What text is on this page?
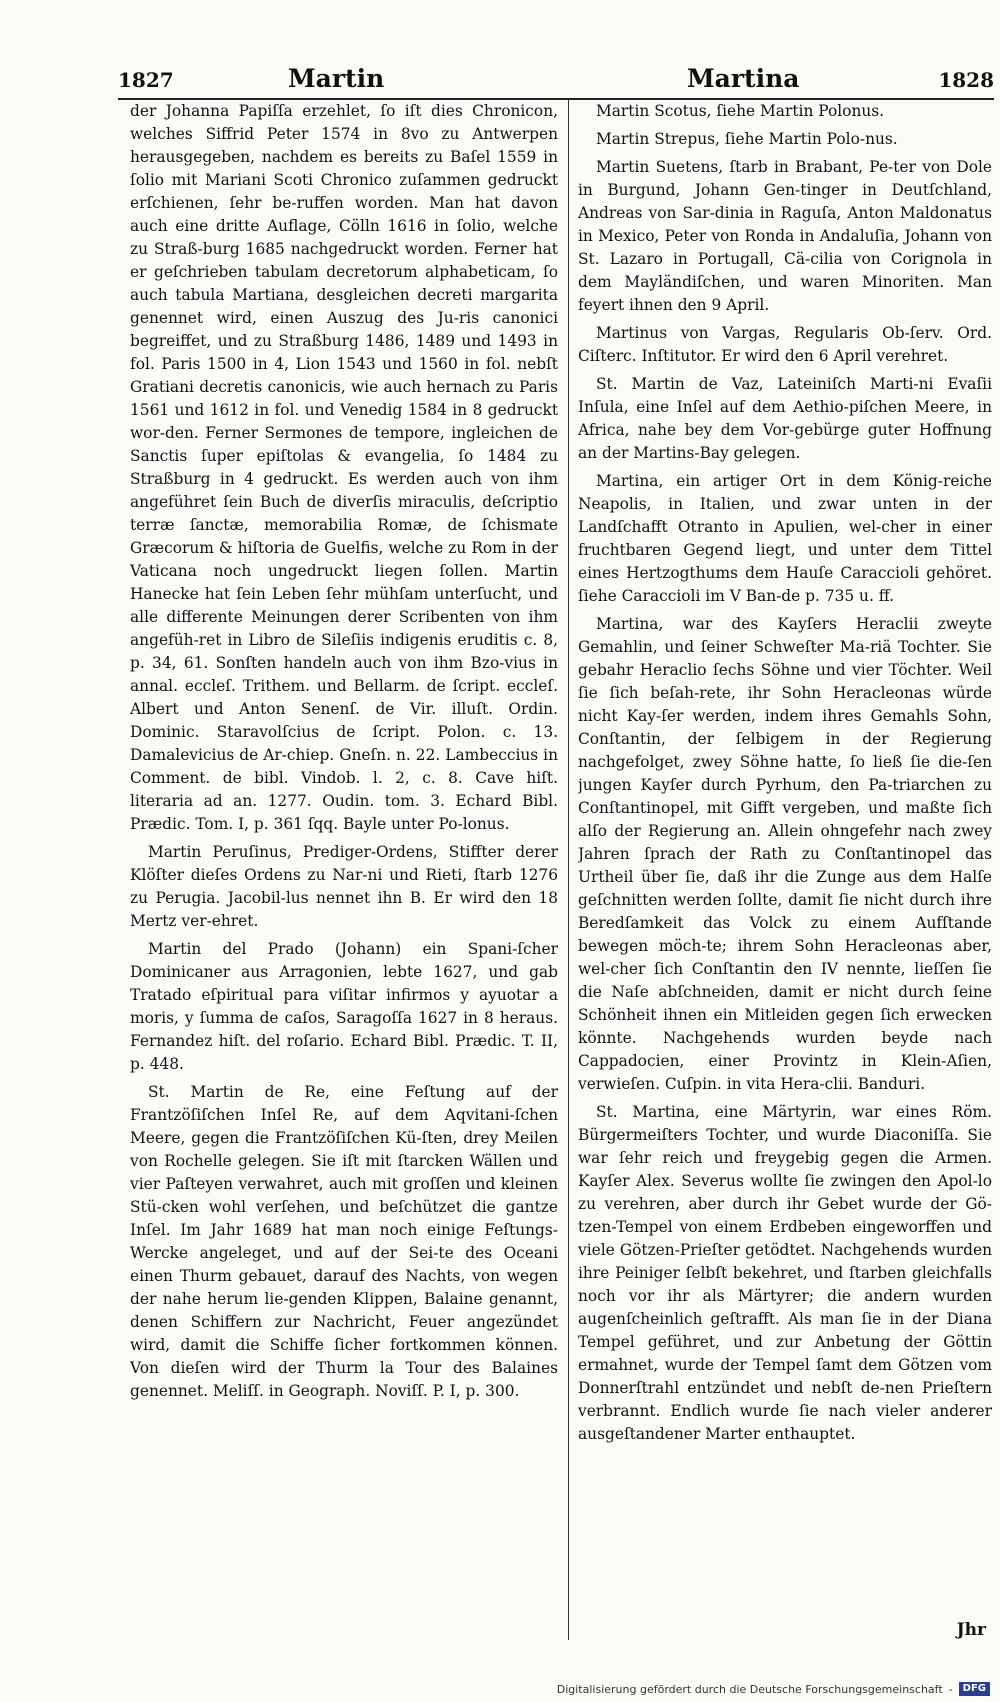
1827	Martin	Martina	1828

der Johanna Papiſſa erzehlet, ſo iſt dies Chronicon, welches Siffrid Peter 1574 in 8vo zu Antwerpen herausgegeben, nachdem es bereits zu Baſel 1559 in ſolio mit Mariani Scoti Chronico zuſammen gedruckt erſchienen, ſehr be-ruffen worden. Man hat davon auch eine dritte Auflage, Cölln 1616 in ſolio, welche zu Straß-burg 1685 nachgedruckt worden. Ferner hat er geſchrieben tabulam decretorum alphabeticam, ſo auch tabula Martiana, desgleichen decreti margarita genennet wird, einen Auszug des Ju-ris canonici begreiffet, und zu Straßburg 1486, 1489 und 1493 in fol. Paris 1500 in 4, Lion 1543 und 1560 in fol. nebſt Gratiani decretis canonicis, wie auch hernach zu Paris 1561 und 1612 in fol. und Venedig 1584 in 8 gedruckt wor-den. Ferner Sermones de tempore, ingleichen de Sanctis ſuper epiſtolas & evangelia, ſo 1484 zu Straßburg in 4 gedruckt. Es werden auch von ihm angeführet ſein Buch de diverſis miraculis, deſcriptio terræ ſanctæ, memorabilia Romæ, de ſchismate Græcorum & hiſtoria de Guelfis, welche zu Rom in der Vaticana noch ungedruckt liegen ſollen. Martin Hanecke hat ſein Leben ſehr mühſam unterſucht, und alle differente Meinungen derer Scribenten von ihm angefüh-ret in Libro de Sileſiis indigenis eruditis c. 8, p. 34, 61. Sonſten handeln auch von ihm Bzo-vius in annal. eccleſ. Trithem. und Bellarm. de ſcript. eccleſ. Albert und Anton Senenſ. de Vir. illuſt. Ordin. Dominic. Staravolſcius de ſcript. Polon. c. 13. Damalevicius de Ar-chiep. Gneſn. n. 22. Lambeccius in Comment. de bibl. Vindob. l. 2, c. 8. Cave hiſt. literaria ad an. 1277. Oudin. tom. 3. Echard Bibl. Prædic. Tom. I, p. 361 ſqq. Bayle unter Po-lonus.

Martin Peruſinus, Prediger-Ordens, Stiffter derer Klöſter dieſes Ordens zu Nar-ni und Rieti, ſtarb 1276 zu Perugia. Jacobil-lus nennet ihn B. Er wird den 18 Mertz ver-ehret.

Martin del Prado (Johann) ein Spani-ſcher Dominicaner aus Arragonien, lebte 1627, und gab Tratado eſpiritual para viſitar infirmos y ayuotar a moris, y ſumma de caſos, Saragoſſa 1627 in 8 heraus. Fernandez hiſt. del roſario. Echard Bibl. Prædic. T. II, p. 448.

St. Martin de Re, eine Feſtung auf der Frantzöſiſchen Inſel Re, auf dem Aqvitani-ſchen Meere, gegen die Frantzöſiſchen Kü-ſten, drey Meilen von Rochelle gelegen. Sie iſt mit ſtarcken Wällen und vier Paſteyen verwahret, auch mit groſſen und kleinen Stü-cken wohl verſehen, und beſchützet die gantze Inſel. Im Jahr 1689 hat man noch einige Feſtungs-Wercke angeleget, und auf der Sei-te des Oceani einen Thurm gebauet, darauf des Nachts, von wegen der nahe herum lie-genden Klippen, Balaine genannt, denen Schiffern zur Nachricht, Feuer angezündet wird, damit die Schiffe ſicher fortkommen können. Von dieſen wird der Thurm la Tour des Balaines genennet. Meliſſ. in Geograph. Noviſſ. P. I, p. 300.

Martin Scotus, ſiehe Martin Polonus.

Martin Strepus, ſiehe Martin Polo-nus.

Martin Suetens, ſtarb in Brabant, Pe-ter von Dole in Burgund, Johann Gen-tinger in Deutſchland, Andreas von Sar-dinia in Raguſa, Anton Maldonatus in Mexico, Peter von Ronda in Andaluſia, Johann von St. Lazaro in Portugall, Cä-cilia von Corignola in dem Mayländiſchen, und waren Minoriten. Man feyert ihnen den 9 April.

Martinus von Vargas, Regularis Ob-ſerv. Ord. Ciſterc. Inſtitutor. Er wird den 6 April verehret.

St. Martin de Vaz, Lateiniſch Marti-ni Evaſii Inſula, eine Inſel auf dem Aethio-piſchen Meere, in Africa, nahe bey dem Vor-gebürge guter Hoffnung an der Martins-Bay gelegen.

Martina, ein artiger Ort in dem König-reiche Neapolis, in Italien, und zwar unten in der Landſchafft Otranto in Apulien, wel-cher in einer fruchtbaren Gegend liegt, und unter dem Tittel eines Hertzogthums dem Hauſe Caraccioli gehöret. ſiehe Caraccioli im V Ban-de p. 735 u. ff.

Martina, war des Kayſers Heraclii zweyte Gemahlin, und ſeiner Schweſter Ma-riä Tochter. Sie gebahr Heraclio ſechs Söhne und vier Töchter. Weil ſie ſich beſah-rete, ihr Sohn Heracleonas würde nicht Kay-ſer werden, indem ihres Gemahls Sohn, Conſtantin, der ſelbigem in der Regierung nachgefolget, zwey Söhne hatte, ſo ließ ſie die-ſen jungen Kayſer durch Pyrhum, den Pa-triarchen zu Conſtantinopel, mit Gifft vergeben, und maßte ſich alſo der Regierung an. Allein ohngefehr nach zwey Jahren ſprach der Rath zu Conſtantinopel das Urtheil über ſie, daß ihr die Zunge aus dem Halſe geſchnitten werden ſollte, damit ſie nicht durch ihre Beredſamkeit das Volck zu einem Aufſtande bewegen möch-te; ihrem Sohn Heracleonas aber, wel-cher ſich Conſtantin den IV nennte, lieſſen ſie die Naſe abſchneiden, damit er nicht durch ſeine Schönheit ihnen ein Mitleiden gegen ſich erwecken könnte. Nachgehends wurden beyde nach Cappadocien, einer Provintz in Klein-Aſien, verwieſen. Cuſpin. in vita Hera-clii. Banduri.

St. Martina, eine Märtyrin, war eines Röm. Bürgermeiſters Tochter, und wurde Diaconiſſa. Sie war ſehr reich und freygebig gegen die Armen. Kayſer Alex. Severus wollte ſie zwingen den Apol-lo zu verehren, aber durch ihr Gebet wurde der Gö-tzen-Tempel von einem Erdbeben eingeworffen und viele Götzen-Prieſter getödtet. Nachgehends wurden ihre Peiniger ſelbſt bekehret, und ſtarben gleichfalls noch vor ihr als Märtyrer; die andern wurden augenſcheinlich geſtrafft. Als man ſie in der Diana Tempel geführet, und zur Anbetung der Göttin ermahnet, wurde der Tempel ſamt dem Götzen vom Donnerſtrahl entzündet und nebſt de-nen Prieſtern verbrannt. Endlich wurde ſie nach vieler anderer ausgeſtandener Marter enthauptet.

Jhr
Digitalisierung gefördert durch die Deutsche Forschungsgemeinschaft -	DFG
